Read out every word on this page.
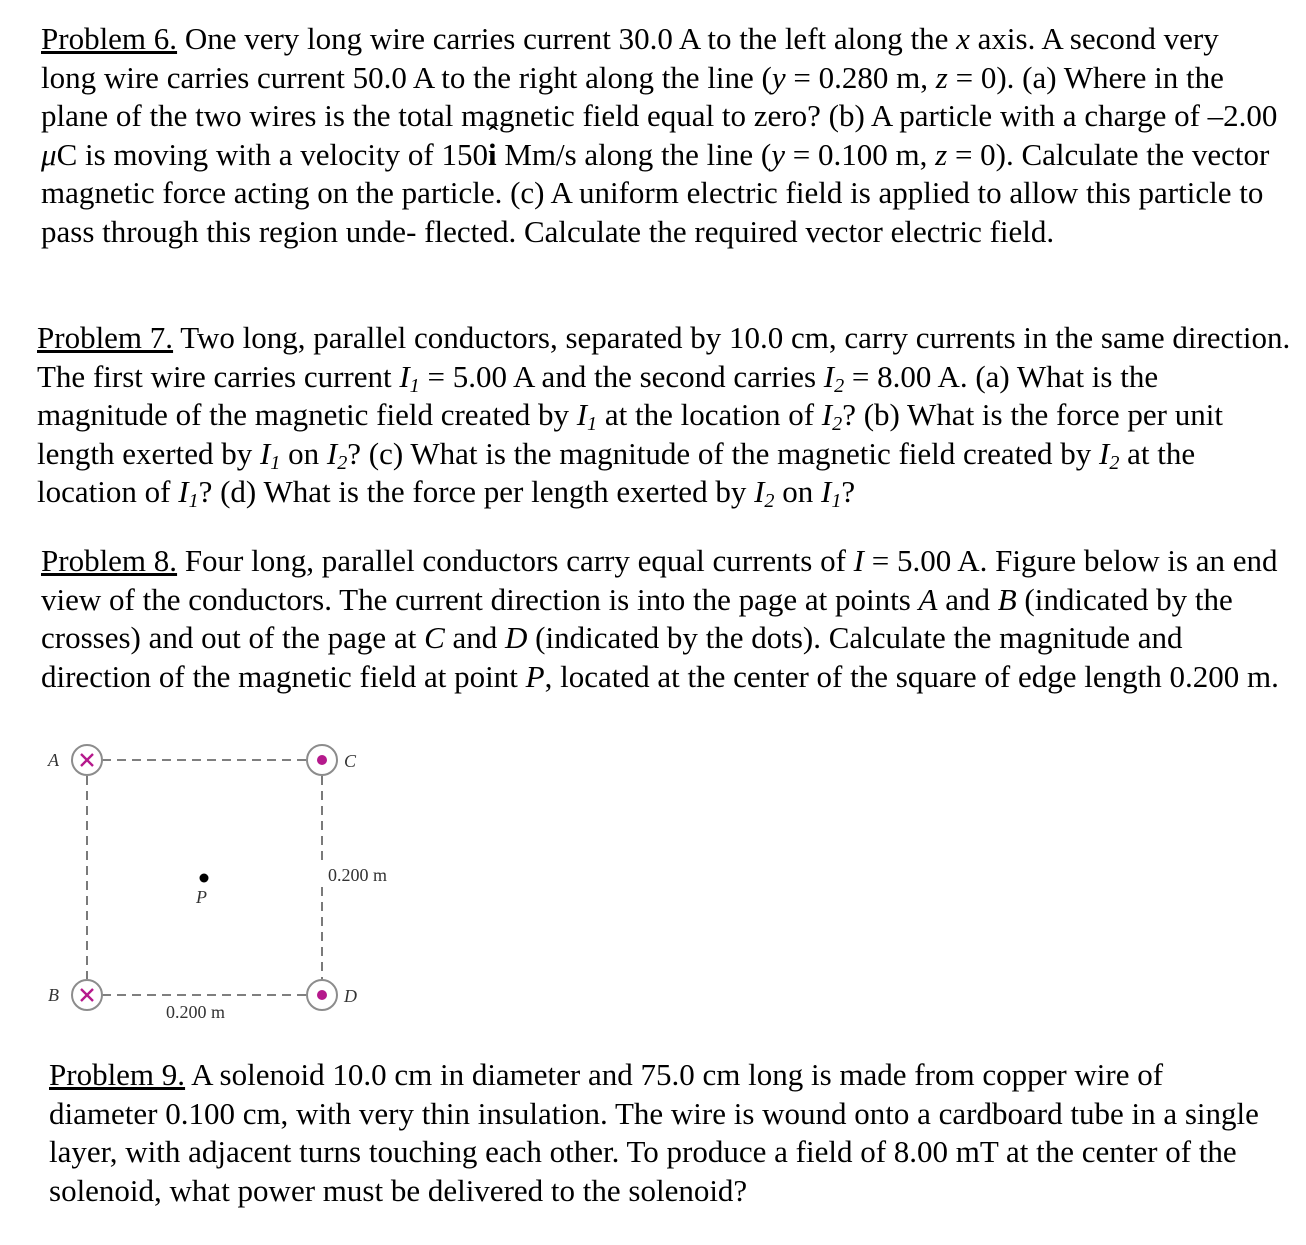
Problem 6. One very long wire carries current 30.0 A to the left along the x axis. A second very long wire carries current 50.0 A to the right along the line (y = 0.280 m, z = 0). (a) Where in the plane of the two wires is the total magnetic field equal to zero? (b) A particle with a charge of –2.00 μC is moving with a velocity of 150ˆ i Mm/s along the line (y = 0.100 m, z = 0). Calculate the vector magnetic force acting on the particle. (c) A uniform electric field is applied to allow this particle to pass through this region unde- flected. Calculate the required vector electric field.

Problem 7. Two long, parallel conductors, separated by 10.0 cm, carry currents in the same direction. The first wire carries current $I_1 = 5.00$ A and the second carries $I_2 = 8.00$ A. (a) What is the magnitude of the magnetic field created by $I_1$ at the location of $I_2$? (b) What is the force per unit length exerted by $I_1$ on $I_2$? (c) What is the magnitude of the magnetic field created by $I_2$ at the location of $I_1$? (d) What is the force per length exerted by $I_2$ on $I_1$?

Problem 8. Four long, parallel conductors carry equal currents of I = 5.00 A. Figure below is an end view of the conductors. The current direction is into the page at points A and B (indicated by the crosses) and out of the page at C and D (indicated by the dots). Calculate the magnitude and direction of the magnetic field at point P, located at the center of the square of edge length 0.200 m.

A
B
C
D
P
0.200 m
0.200 m

Problem 9. A solenoid 10.0 cm in diameter and 75.0 cm long is made from copper wire of diameter 0.100 cm, with very thin insulation. The wire is wound onto a cardboard tube in a single layer, with adjacent turns touching each other. To produce a field of 8.00 mT at the center of the solenoid, what power must be delivered to the solenoid?
